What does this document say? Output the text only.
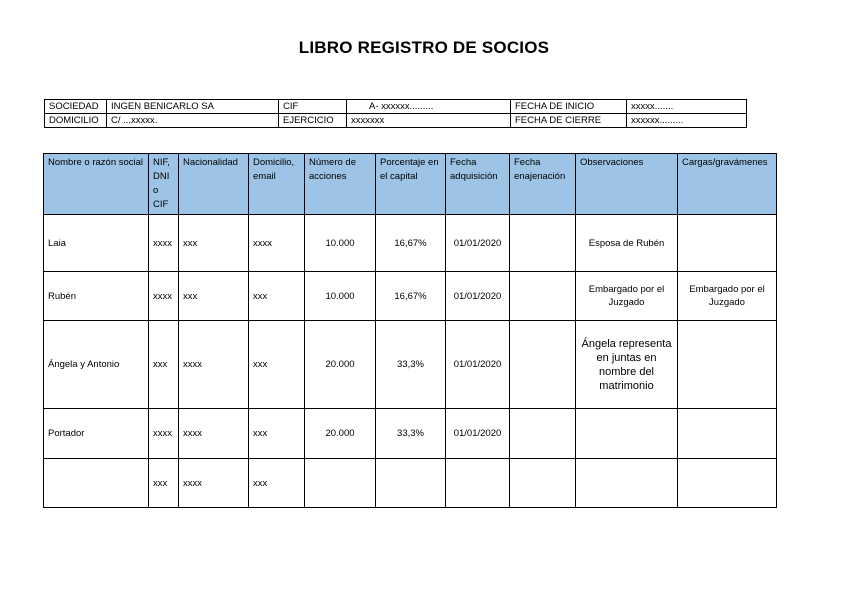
LIBRO REGISTRO DE SOCIOS
SOCIEDAD	INGEN BENICARLO SA	CIF	A- xxxxxx.........	FECHA DE INICIO	xxxxx.......
DOMICILIO	C/ ...xxxxx.	EJERCICIO	xxxxxxx	FECHA DE CIERRE	xxxxxx.........
Nombre o razón social	NIF, DNI o CIF	Nacionalidad	Domicilio, email	Número de acciones	Porcentaje en el capital	Fecha adquisición	Fecha enajenación	Observaciones	Cargas/gravámenes
Laia	xxxx	xxx	xxxx	10.000	16,67%	01/01/2020		Esposa de Rubén	
Rubén	xxxx	xxx	xxx	10.000	16,67%	01/01/2020		Embargado por el Juzgado	Embargado por el Juzgado
Ángela y Antonio	xxx	xxxx	xxx	20.000	33,3%	01/01/2020		Ángela representa en juntas en nombre del matrimonio	
Portador	xxxx	xxxx	xxx	20.000	33,3%	01/01/2020			
	xxx	xxxx	xxx						
